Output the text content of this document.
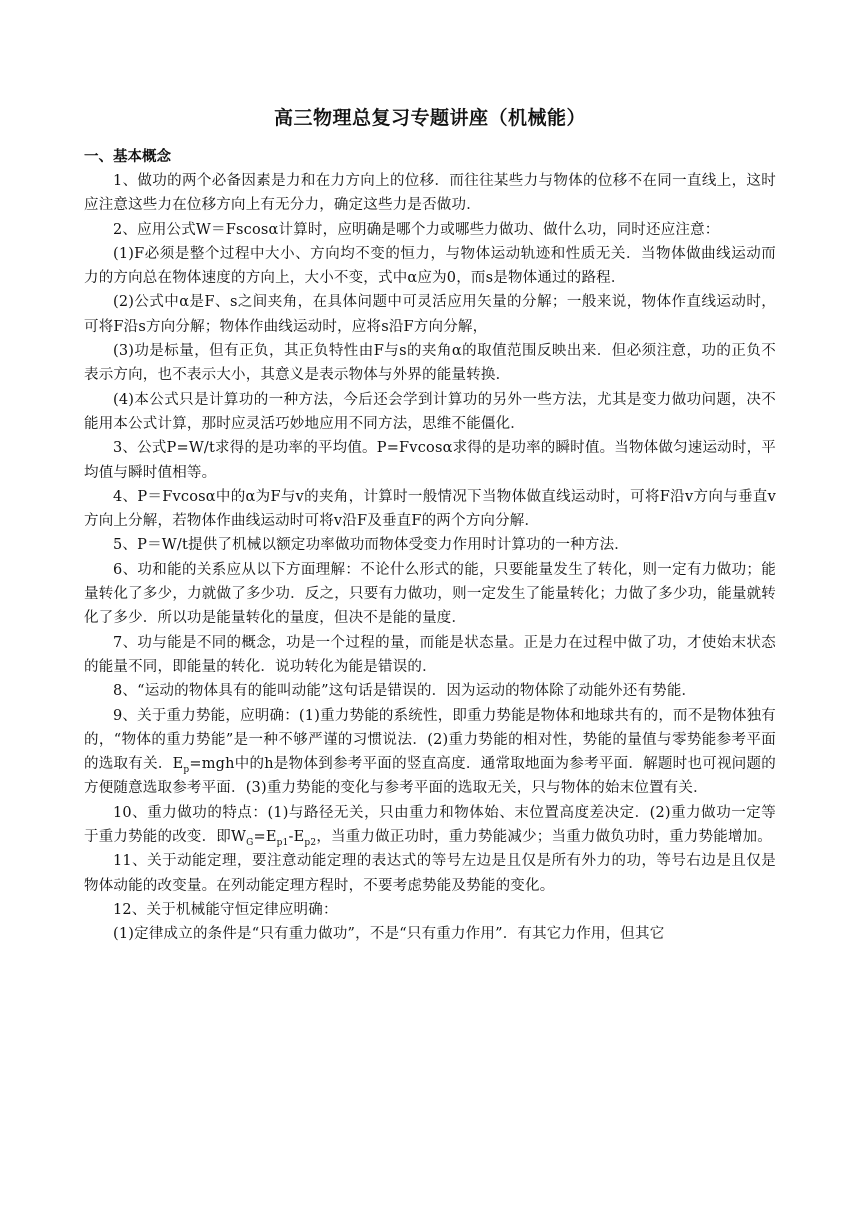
高三物理总复习专题讲座（机械能）
一、基本概念

1、做功的两个必备因素是力和在力方向上的位移．而往往某些力与物体的位移不在同一直线上，这时应注意这些力在位移方向上有无分力，确定这些力是否做功．

2、应用公式W＝Fscosα计算时，应明确是哪个力或哪些力做功、做什么功，同时还应注意：

(1)F必须是整个过程中大小、方向均不变的恒力，与物体运动轨迹和性质无关．当物体做曲线运动而力的方向总在物体速度的方向上，大小不变，式中α应为0，而s是物体通过的路程．

(2)公式中α是F、s之间夹角，在具体问题中可灵活应用矢量的分解；一般来说，物体作直线运动时，可将F沿s方向分解；物体作曲线运动时，应将s沿F方向分解，

(3)功是标量，但有正负，其正负特性由F与s的夹角α的取值范围反映出来．但必须注意，功的正负不表示方向，也不表示大小，其意义是表示物体与外界的能量转换．

(4)本公式只是计算功的一种方法，今后还会学到计算功的另外一些方法，尤其是变力做功问题，决不能用本公式计算，那时应灵活巧妙地应用不同方法，思维不能僵化．

3、公式P=W/t求得的是功率的平均值。P=Fvcosα求得的是功率的瞬时值。当物体做匀速运动时，平均值与瞬时值相等。

4、P＝Fvcosα中的α为F与v的夹角，计算时一般情况下当物体做直线运动时，可将F沿v方向与垂直v方向上分解，若物体作曲线运动时可将v沿F及垂直F的两个方向分解．

5、P＝W/t提供了机械以额定功率做功而物体受变力作用时计算功的一种方法．

6、功和能的关系应从以下方面理解：不论什么形式的能，只要能量发生了转化，则一定有力做功；能量转化了多少，力就做了多少功．反之，只要有力做功，则一定发生了能量转化；力做了多少功，能量就转化了多少．所以功是能量转化的量度，但决不是能的量度．

7、功与能是不同的概念，功是一个过程的量，而能是状态量。正是力在过程中做了功，才使始末状态的能量不同，即能量的转化．说功转化为能是错误的．

8、“运动的物体具有的能叫动能”这句话是错误的．因为运动的物体除了动能外还有势能．

9、关于重力势能，应明确：(1)重力势能的系统性，即重力势能是物体和地球共有的，而不是物体独有的，“物体的重力势能”是一种不够严谨的习惯说法．(2)重力势能的相对性，势能的量值与零势能参考平面的选取有关．$E_p=mgh$中的h是物体到参考平面的竖直高度．通常取地面为参考平面．解题时也可视问题的方便随意选取参考平面．(3)重力势能的变化与参考平面的选取无关，只与物体的始末位置有关．

10、重力做功的特点：(1)与路径无关，只由重力和物体始、末位置高度差决定．(2)重力做功一定等于重力势能的改变．即$W_G=E_{p1}-E_{p2}$，当重力做正功时，重力势能减少；当重力做负功时，重力势能增加。

11、关于动能定理，要注意动能定理的表达式的等号左边是且仅是所有外力的功，等号右边是且仅是物体动能的改变量。在列动能定理方程时，不要考虑势能及势能的变化。

12、关于机械能守恒定律应明确：

(1)定律成立的条件是“只有重力做功”，不是“只有重力作用”．有其它力作用，但其它
